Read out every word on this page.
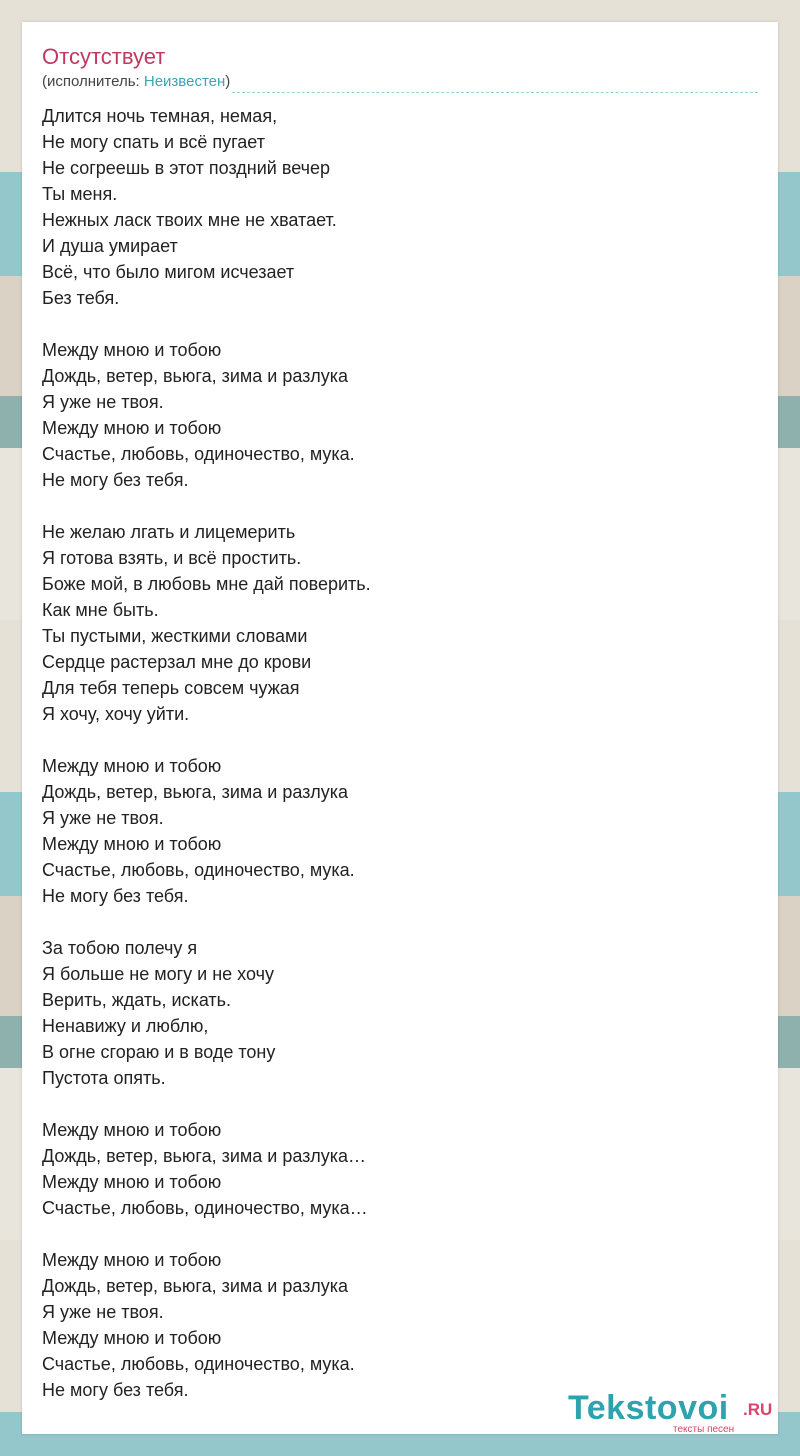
Отсутствует
(исполнитель: Неизвестен)
Длится ночь темная, немая,
Не могу спать и всё пугает
Не согреешь в этот поздний вечер
Ты меня.
Нежных ласк твоих мне не хватает.
И душа умирает
Всё, что было мигом исчезает
Без тебя.
Между мною и тобою
Дождь, ветер, вьюга, зима и разлука
Я уже не твоя.
Между мною и тобою
Счастье, любовь, одиночество, мука.
Не могу без тебя.
Не желаю лгать и лицемерить
Я готова взять, и всё простить.
Боже мой, в любовь мне дай поверить.
Как мне быть.
Ты пустыми, жесткими словами
Сердце растерзал мне до крови
Для тебя теперь совсем чужая
Я хочу, хочу уйти.
Между мною и тобою
Дождь, ветер, вьюга, зима и разлука
Я уже не твоя.
Между мною и тобою
Счастье, любовь, одиночество, мука.
Не могу без тебя.
За тобою полечу я
Я больше не могу и не хочу
Верить, ждать, искать.
Ненавижу и люблю,
В огне сгораю и в воде тону
Пустота опять.
Между мною и тобою
Дождь, ветер, вьюга, зима и разлука…
Между мною и тобою
Счастье, любовь, одиночество, мука…
Между мною и тобою
Дождь, ветер, вьюга, зима и разлука
Я уже не твоя.
Между мною и тобою
Счастье, любовь, одиночество, мука.
Не могу без тебя.	Tekstovoi .RU
тексты песен
